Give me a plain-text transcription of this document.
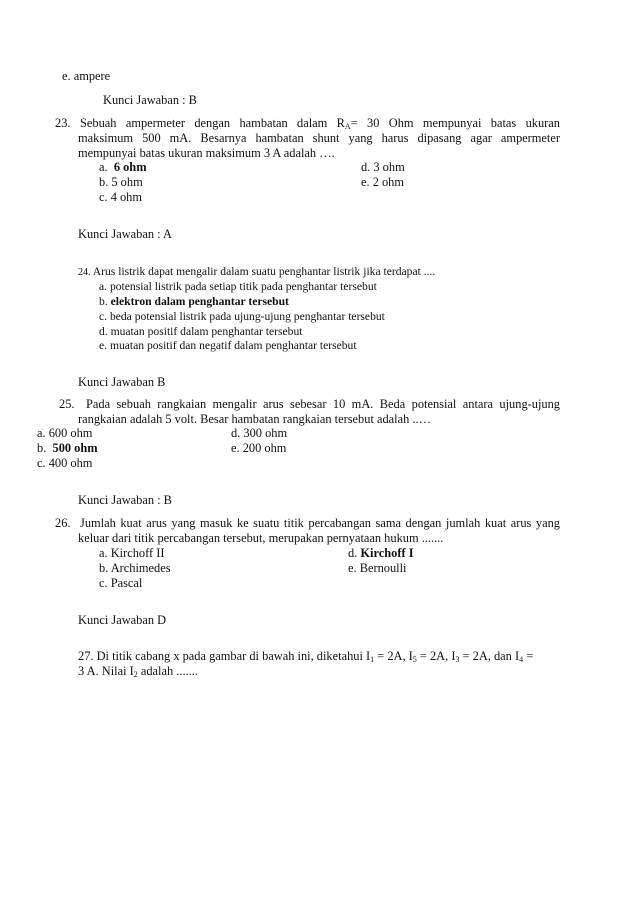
e. ampere
Kunci Jawaban : B
23. Sebuah ampermeter dengan hambatan dalam $R_A= 30$ Ohm mempunyai batas ukuran
maksimum 500 mA. Besarnya hambatan shunt yang harus dipasang agar ampermeter
mempunyai batas ukuran maksimum 3 A adalah ….
a. 6 ohm	d. 3 ohm
b. 5 ohm	e. 2 ohm
c. 4 ohm
Kunci Jawaban : A
24. Arus listrik dapat mengalir dalam suatu penghantar listrik jika terdapat ....
a. potensial listrik pada setiap titik pada penghantar tersebut
b. elektron dalam penghantar tersebut
c. beda potensial listrik pada ujung-ujung penghantar tersebut
d. muatan positif dalam penghantar tersebut
e. muatan positif dan negatif dalam penghantar tersebut
Kunci Jawaban B
25. Pada sebuah rangkaian mengalir arus sebesar 10 mA. Beda potensial antara ujung-ujung
rangkaian adalah 5 volt. Besar hambatan rangkaian tersebut adalah ..…
a. 600 ohm	d. 300 ohm
b. 500 ohm	e. 200 ohm
c. 400 ohm
Kunci Jawaban : B
26. Jumlah kuat arus yang masuk ke suatu titik percabangan sama dengan jumlah kuat arus yang
keluar dari titik percabangan tersebut, merupakan pernyataan hukum .......
a. Kirchoff II	d. Kirchoff I
b. Archimedes	e. Bernoulli
c. Pascal
Kunci Jawaban D
27. Di titik cabang x pada gambar di bawah ini, diketahui $I_1 = 2A$, $I_5 = 2A$, $I_3 = 2A$, dan $I_4$ =
3 A. Nilai $I_2$ adalah .......
